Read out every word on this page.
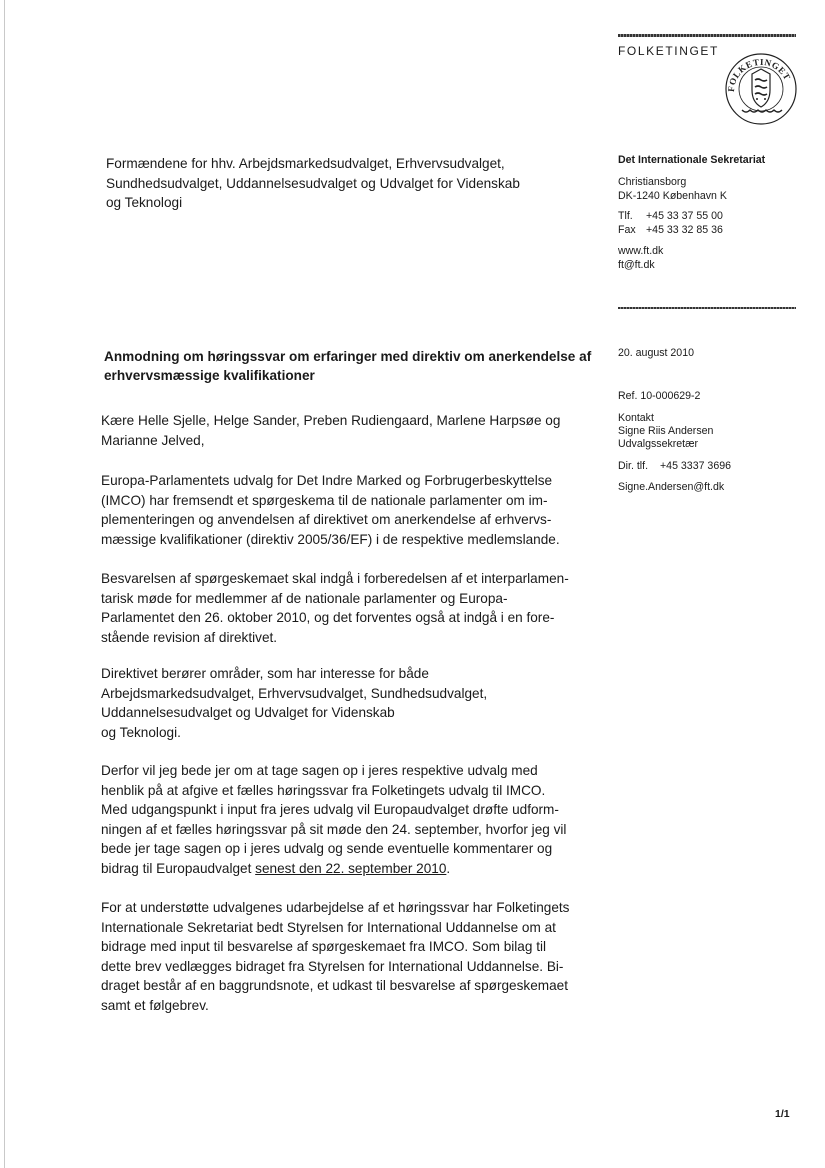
FOLKETINGET
FOLKETINGET
Formændene for hhv. Arbejdsmarkedsudvalget, Erhvervsudvalget,
Sundhedsudvalget, Uddannelsesudvalget og Udvalget for Videnskab
og Teknologi
Det Internationale Sekretariat
Christiansborg
DK-1240 København K
Tlf. +45 33 37 55 00
Fax +45 33 32 85 36
www.ft.dk
ft@ft.dk
20. august 2010
Ref. 10-000629-2
Kontakt
Signe Riis Andersen
Udvalgssekretær
Dir. tlf. +45 3337 3696
Signe.Andersen@ft.dk
Anmodning om høringssvar om erfaringer med direktiv om anerkendelse af
erhvervsmæssige kvalifikationer
Kære Helle Sjelle, Helge Sander, Preben Rudiengaard, Marlene Harpsøe og
Marianne Jelved,
Europa-Parlamentets udvalg for Det Indre Marked og Forbrugerbeskyttelse
(IMCO) har fremsendt et spørgeskema til de nationale parlamenter om im-
plementeringen og anvendelsen af direktivet om anerkendelse af erhvervs-
mæssige kvalifikationer (direktiv 2005/36/EF) i de respektive medlemslande.
Besvarelsen af spørgeskemaet skal indgå i forberedelsen af et interparlamen-
tarisk møde for medlemmer af de nationale parlamenter og Europa-
Parlamentet den 26. oktober 2010, og det forventes også at indgå i en fore-
stående revision af direktivet.
Direktivet berører områder, som har interesse for både
Arbejdsmarkedsudvalget, Erhvervsudvalget, Sundhedsudvalget,
Uddannelsesudvalget og Udvalget for Videnskab
og Teknologi.
Derfor vil jeg bede jer om at tage sagen op i jeres respektive udvalg med
henblik på at afgive et fælles høringssvar fra Folketingets udvalg til IMCO.
Med udgangspunkt i input fra jeres udvalg vil Europaudvalget drøfte udform-
ningen af et fælles høringssvar på sit møde den 24. september, hvorfor jeg vil
bede jer tage sagen op i jeres udvalg og sende eventuelle kommentarer og
bidrag til Europaudvalget senest den 22. september 2010.
For at understøtte udvalgenes udarbejdelse af et høringssvar har Folketingets
Internationale Sekretariat bedt Styrelsen for International Uddannelse om at
bidrage med input til besvarelse af spørgeskemaet fra IMCO. Som bilag til
dette brev vedlægges bidraget fra Styrelsen for International Uddannelse. Bi-
draget består af en baggrundsnote, et udkast til besvarelse af spørgeskemaet
samt et følgebrev.
1/1
